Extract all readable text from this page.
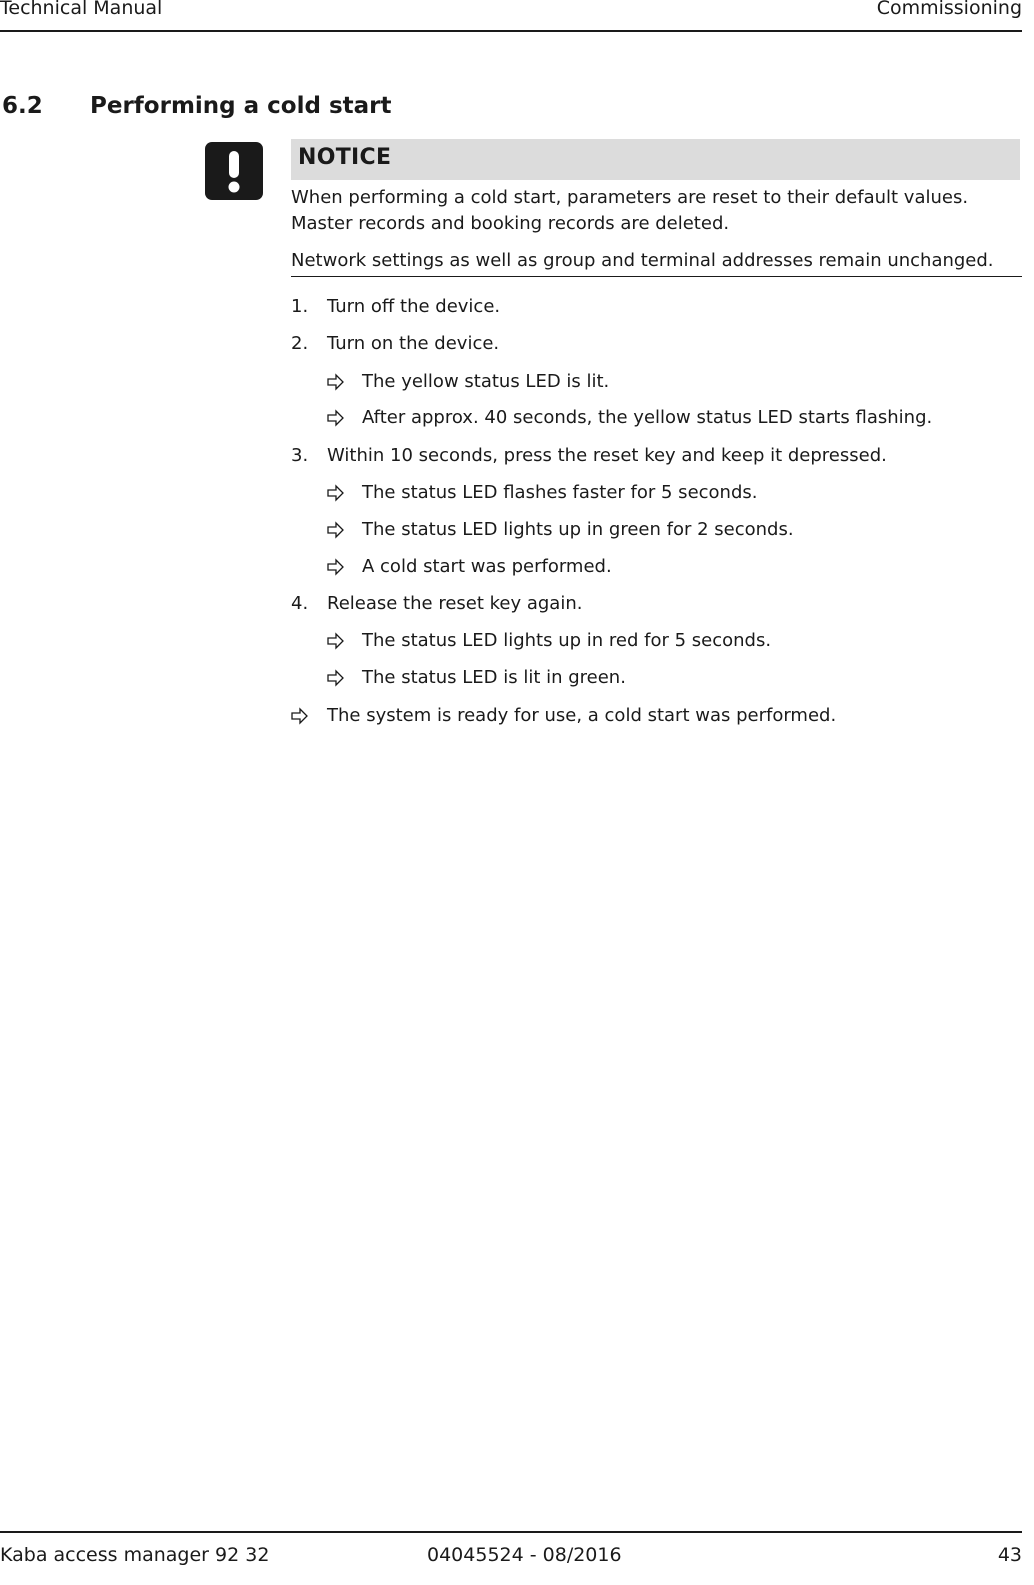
Technical Manual	Commissioning
6.2 Performing a cold start
NOTICE
When performing a cold start, parameters are reset to their default values. Master records and booking records are deleted.
Network settings as well as group and terminal addresses remain unchanged.
1. Turn off the device.
2. Turn on the device.
The yellow status LED is lit.
After approx. 40 seconds, the yellow status LED starts flashing.
3. Within 10 seconds, press the reset key and keep it depressed.
The status LED flashes faster for 5 seconds.
The status LED lights up in green for 2 seconds.
A cold start was performed.
4. Release the reset key again.
The status LED lights up in red for 5 seconds.
The status LED is lit in green.
The system is ready for use, a cold start was performed.
Kaba access manager 92 32	04045524 - 08/2016	43
